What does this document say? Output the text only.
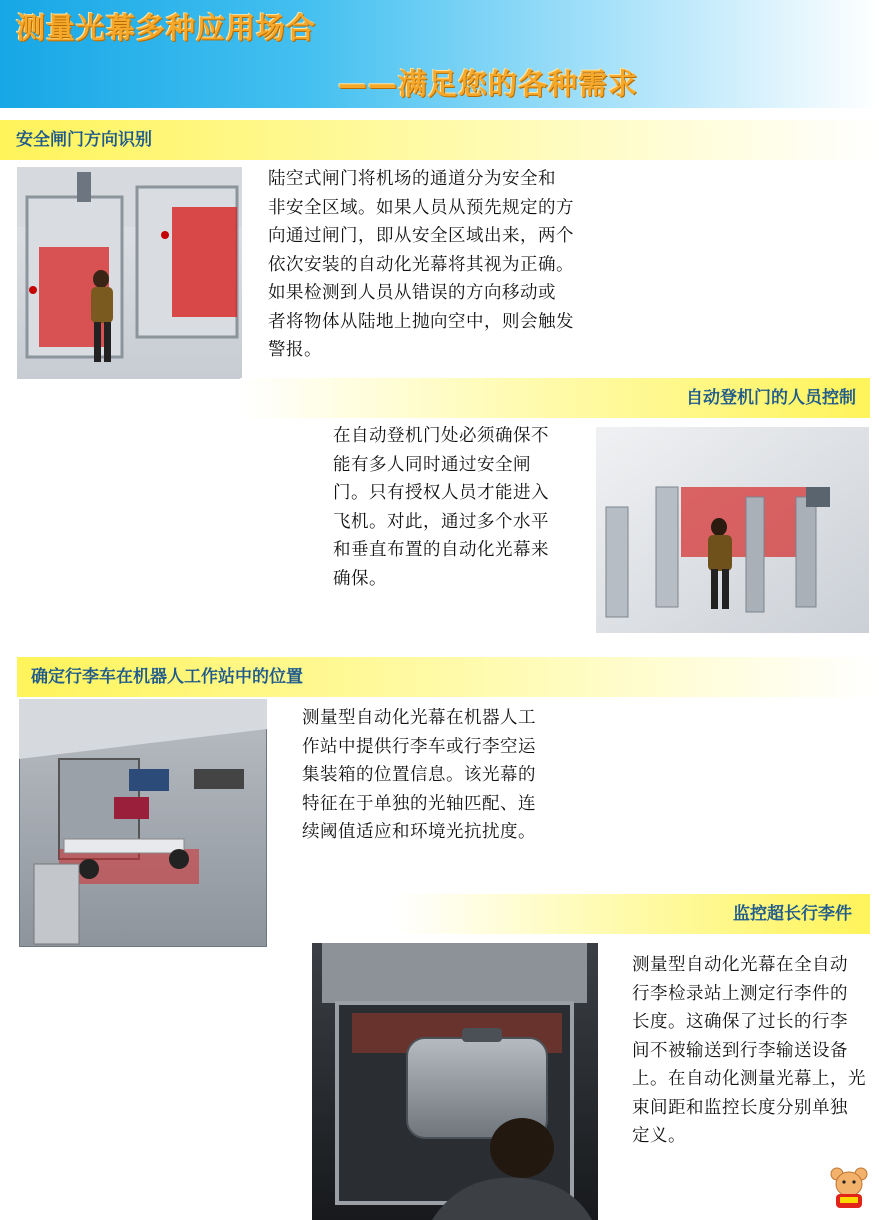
测量光幕多种应用场合
——满足您的各种需求
安全闸门方向识别
陆空式闸门将机场的通道分为安全和
非安全区域。如果人员从预先规定的方
向通过闸门，即从安全区域出来，两个
依次安装的自动化光幕将其视为正确。
如果检测到人员从错误的方向移动或
者将物体从陆地上抛向空中，则会触发
警报。
自动登机门的人员控制
在自动登机门处必须确保不
能有多人同时通过安全闸
门。只有授权人员才能进入
飞机。对此，通过多个水平
和垂直布置的自动化光幕来
确保。
确定行李车在机器人工作站中的位置
测量型自动化光幕在机器人工
作站中提供行李车或行李空运
集装箱的位置信息。该光幕的
特征在于单独的光轴匹配、连
续阈值适应和环境光抗扰度。
监控超长行李件
测量型自动化光幕在全自动
行李检录站上测定行李件的
长度。这确保了过长的行李
间不被输送到行李输送设备
上。在自动化测量光幕上，光
束间距和监控长度分别单独
定义。
